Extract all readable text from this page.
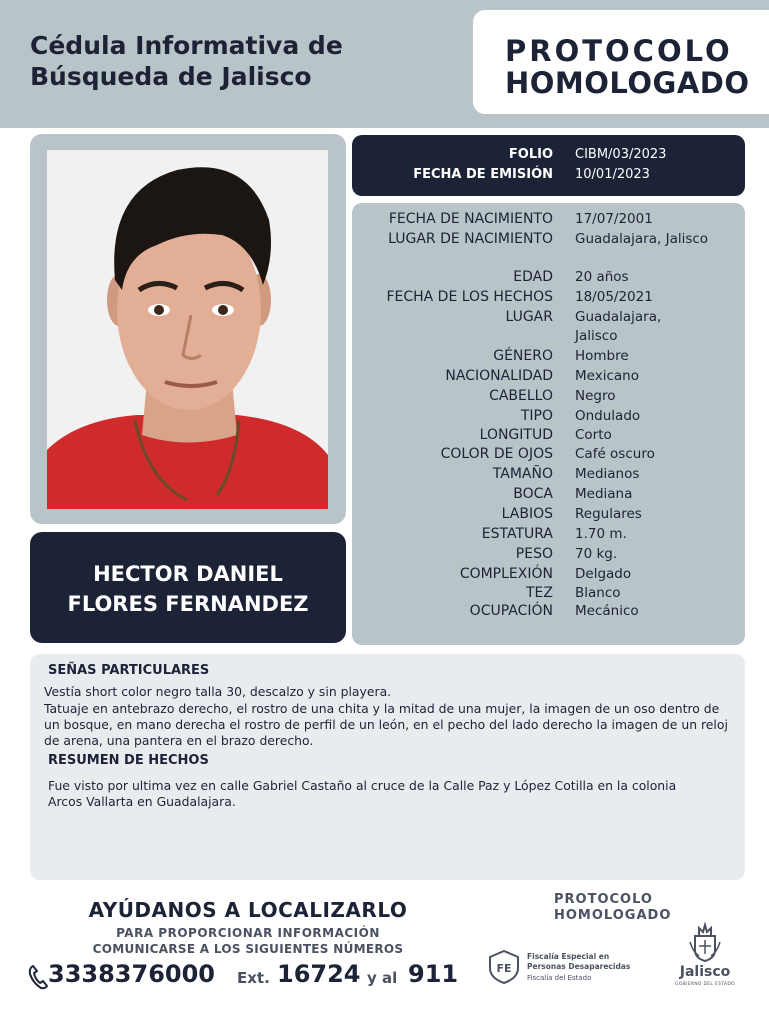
Cédula Informativa de
Búsqueda de Jalisco
PROTOCOLO
HOMOLOGADO
HECTOR DANIEL
FLORES FERNANDEZ
FOLIO CIBM/03/2023
FECHA DE EMISIÓN 10/01/2023
FECHA DE NACIMIENTO 17/07/2001
LUGAR DE NACIMIENTO Guadalajara, Jalisco
EDAD 20 años
FECHA DE LOS HECHOS 18/05/2021
LUGAR Guadalajara,
Jalisco
GÉNERO Hombre
NACIONALIDAD Mexicano
CABELLO Negro
TIPO Ondulado
LONGITUD Corto
COLOR DE OJOS Café oscuro
TAMAÑO Medianos
BOCA Mediana
LABIOS Regulares
ESTATURA 1.70 m.
PESO 70 kg.
COMPLEXIÓN Delgado
TEZ Blanco
OCUPACIÓN Mecánico
SEÑAS PARTICULARES
Vestía short color negro talla 30, descalzo y sin playera.
Tatuaje en antebrazo derecho, el rostro de una chita y la mitad de una mujer, la imagen de un oso dentro de un bosque, en mano derecha el rostro de perfil de un león, en el pecho del lado derecho la imagen de un reloj de arena, una pantera en el brazo derecho.
RESUMEN DE HECHOS
Fue visto por ultima vez en calle Gabriel Castaño al cruce de la Calle Paz y López Cotilla en la colonia Arcos Vallarta en Guadalajara.
AYÚDANOS A LOCALIZARLO
PARA PROPORCIONAR INFORMACIÓN
COMUNICARSE A LOS SIGUIENTES NÚMEROS
3338376000 Ext. 16724 y al 911
PROTOCOLO
HOMOLOGADO
FE
Fiscalía Especial en
Personas Desaparecidas
Fiscalía del Estado	Jalisco
GOBIERNO DEL ESTADO
